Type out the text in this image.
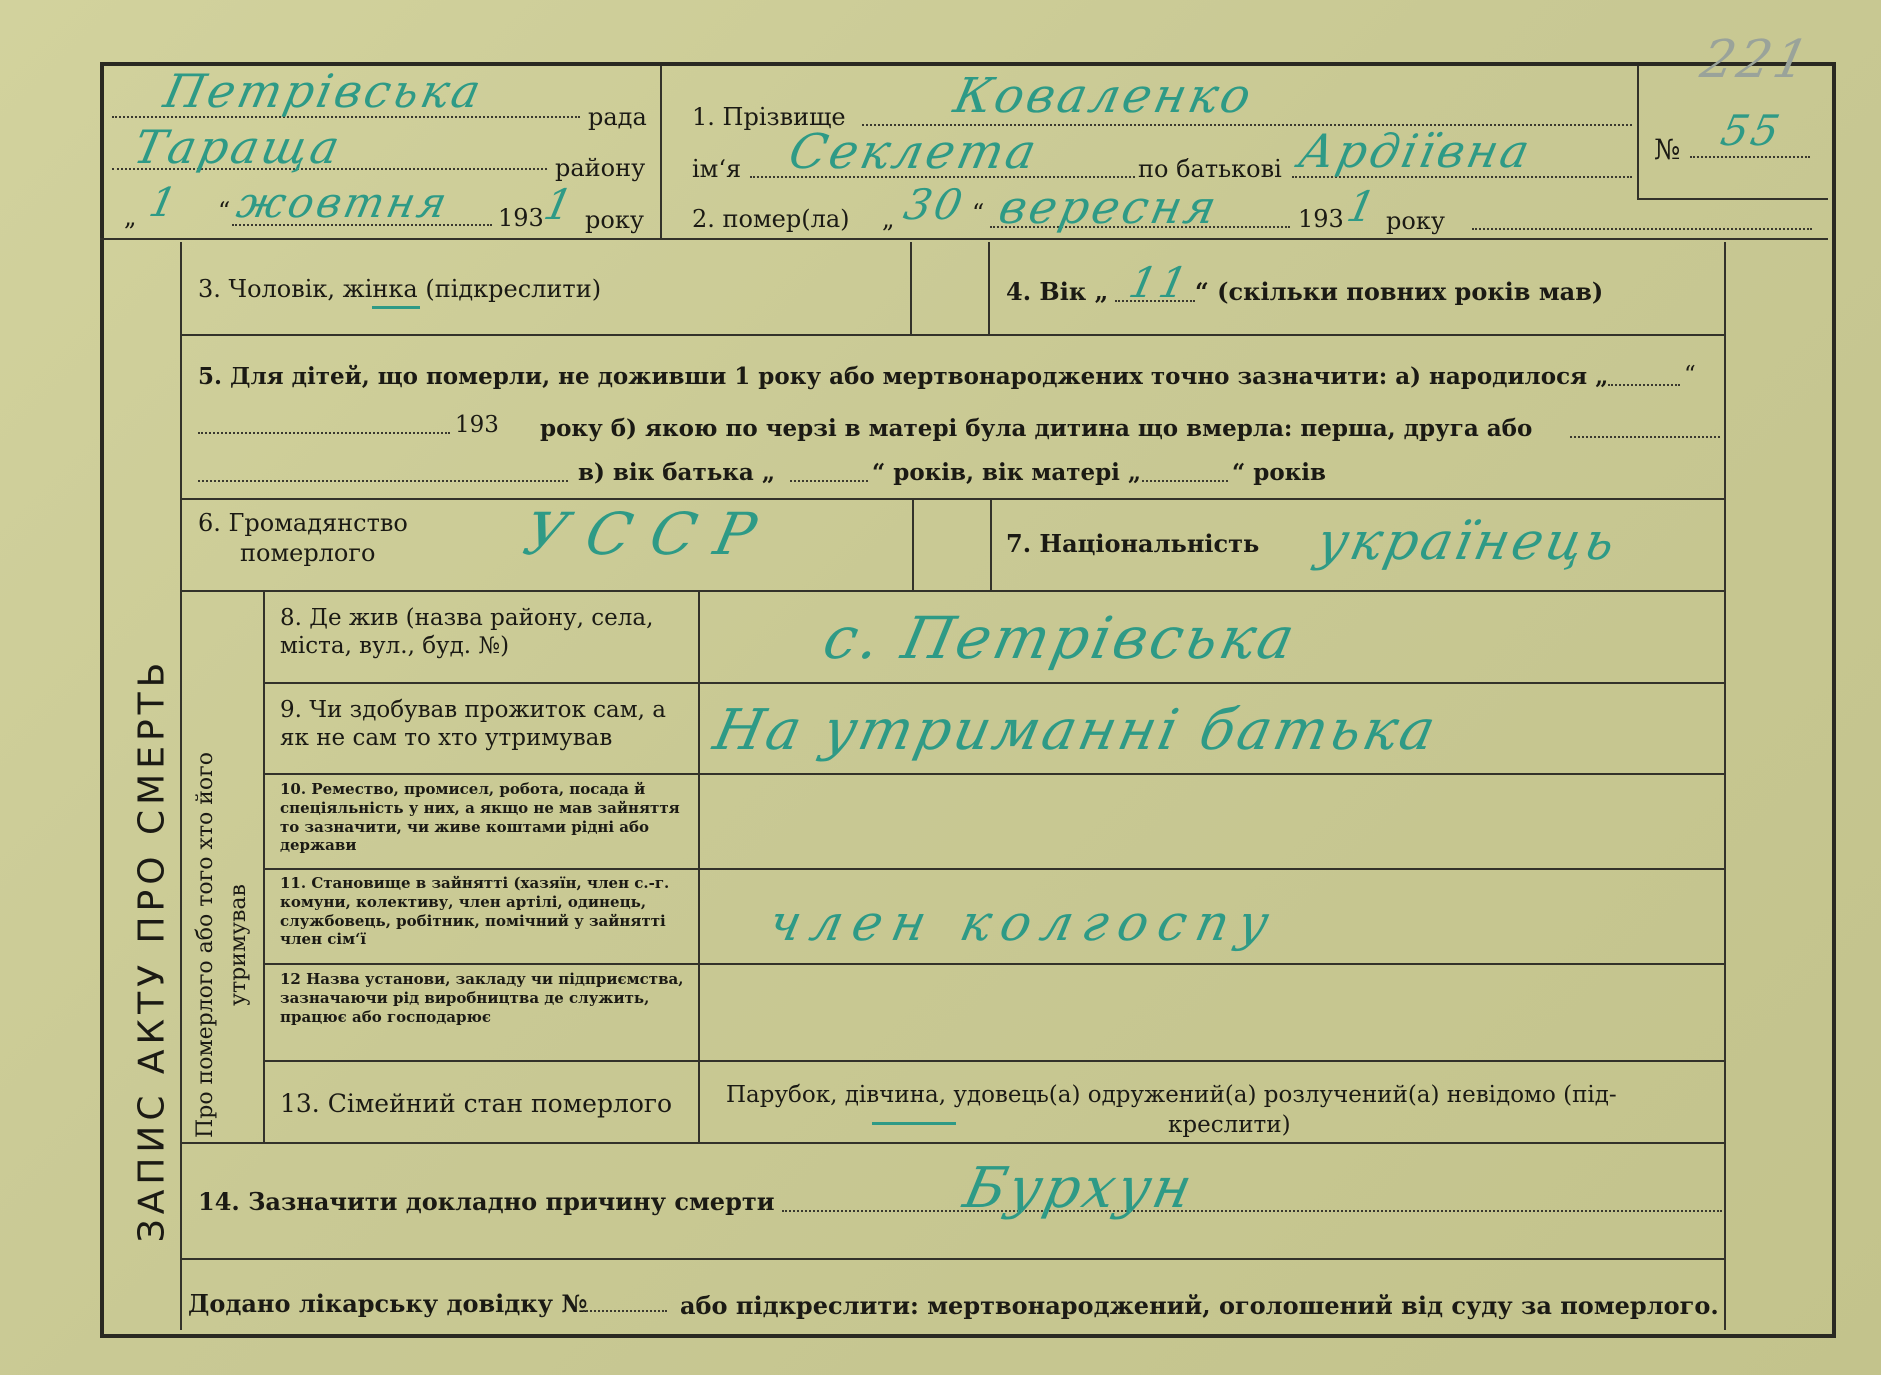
Петрівська	рада
Тараща	району
„ 1 “ жовтня 193
1 року
1. Прізвище Коваленко
ім‘я Секлета	по батькові Ардіївна
2. помер(ла) „ 30 “ вересня	193
1 року
№ 55
221
3. Чоловік, жінка (підкреслити)	4. Вік „ 11 “ (скільки повних років мав)
5. Для дітей, що померли, не доживши 1 року або мертвонароджених точно зазначити: а) народилося „	“
193 року б) якою по черзі в матері була дитина що вмерла: перша, друга або
в) вік батька „	“ років, вік матері „	“ років
6. Громадянство
померлого УССР	7. Національність українець
ЗАПИС АКТУ ПРО СМЕРТЬ Про померлого або того хто його утримував
8. Де жив (назва району, села, міста, вул., буд. №)	с. Петрівська
9. Чи здобував прожиток сам, а як не сам то хто утримував	На утриманні батька
10. Ремество, промисел, робота, посада й спеціяльність у них, а якщо не мав зайняття то зазначити, чи живе коштами рідні або держави
11. Становище в зайнятті (хазяїн, член с.-г. комуни, колективу, член артілі, одинець, службовець, робітник, помічний у зайнятті член сім‘ї	член колгоспу
12 Назва установи, закладу чи підприємства, зазначаючи рід виробництва де служить, працює або господарює
13. Сімейний стан померлого Парубок, дівчина, удовець(а) одружений(а) розлучений(а) невідомо (під-
креслити)
14. Зазначити докладно причину смерти	Бурхун
Додано лікарську довідку №	або підкреслити: мертвонароджений, оголошений від суду за померлого.
